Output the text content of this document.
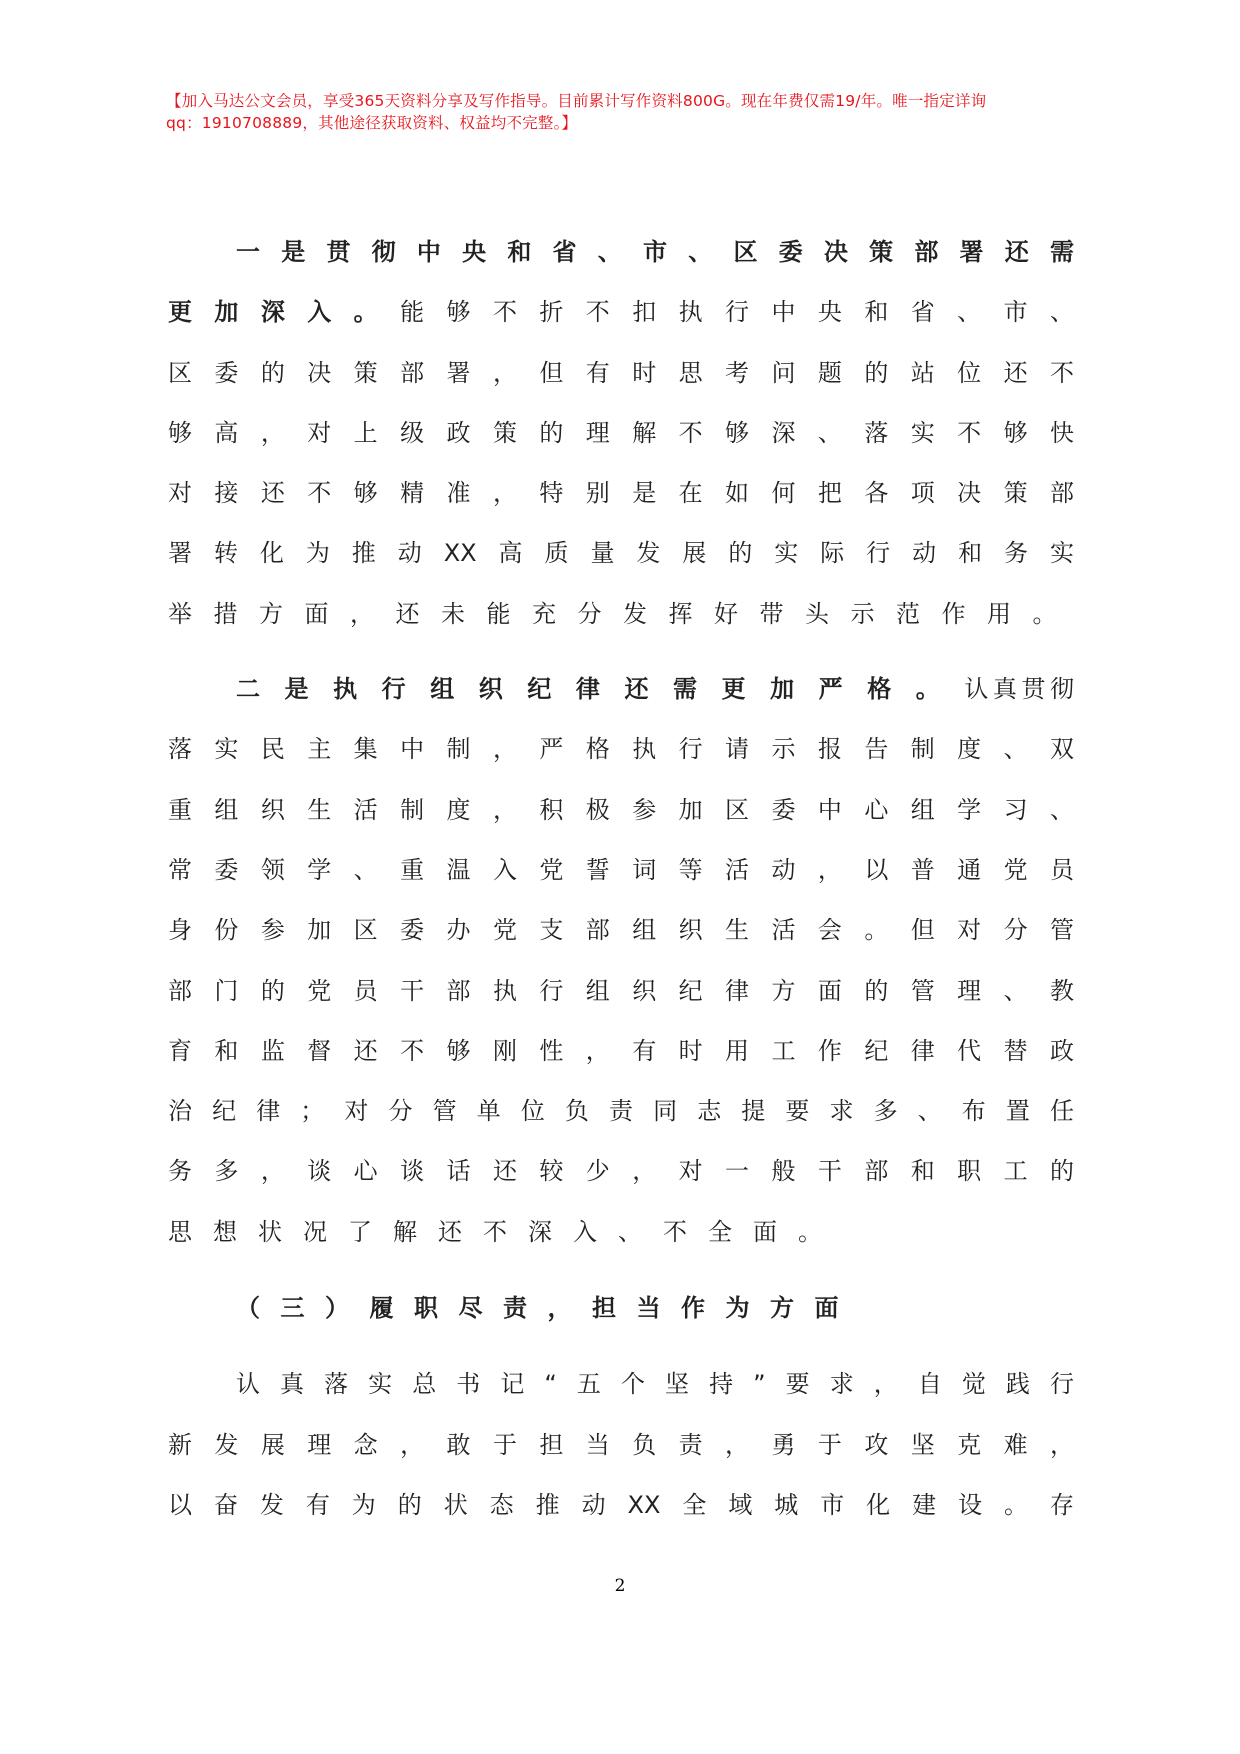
【加入马达公文会员，享受365天资料分享及写作指导。目前累计写作资料800G。现在年费仅需19/年。唯一指定详询
qq：1910708889，其他途径获取资料、权益均不完整。】
一是贯彻中央和省、市、区委决策部署还需
更加深入。能够不折不扣执行中央和省、市、
区委的决策部署，但有时思考问题的站位还不
够高，对上级政策的理解不够深、落实不够快
对接还不够精准，特别是在如何把各项决策部
署转化为推动XX高质量发展的实际行动和务实
举措方面，还未能充分发挥好带头示范作用。
二是执行组织纪律还需更加严格。认真贯彻
落实民主集中制，严格执行请示报告制度、双
重组织生活制度，积极参加区委中心组学习、
常委领学、重温入党誓词等活动，以普通党员
身份参加区委办党支部组织生活会。但对分管
部门的党员干部执行组织纪律方面的管理、教
育和监督还不够刚性，有时用工作纪律代替政
治纪律；对分管单位负责同志提要求多、布置任
务多，谈心谈话还较少，对一般干部和职工的
思想状况了解还不深入、不全面。
（三）履职尽责，担当作为方面
认真落实总书记“五个坚持”要求，自觉践行
新发展理念，敢于担当负责，勇于攻坚克难，
以奋发有为的状态推动XX全域城市化建设。存
2
